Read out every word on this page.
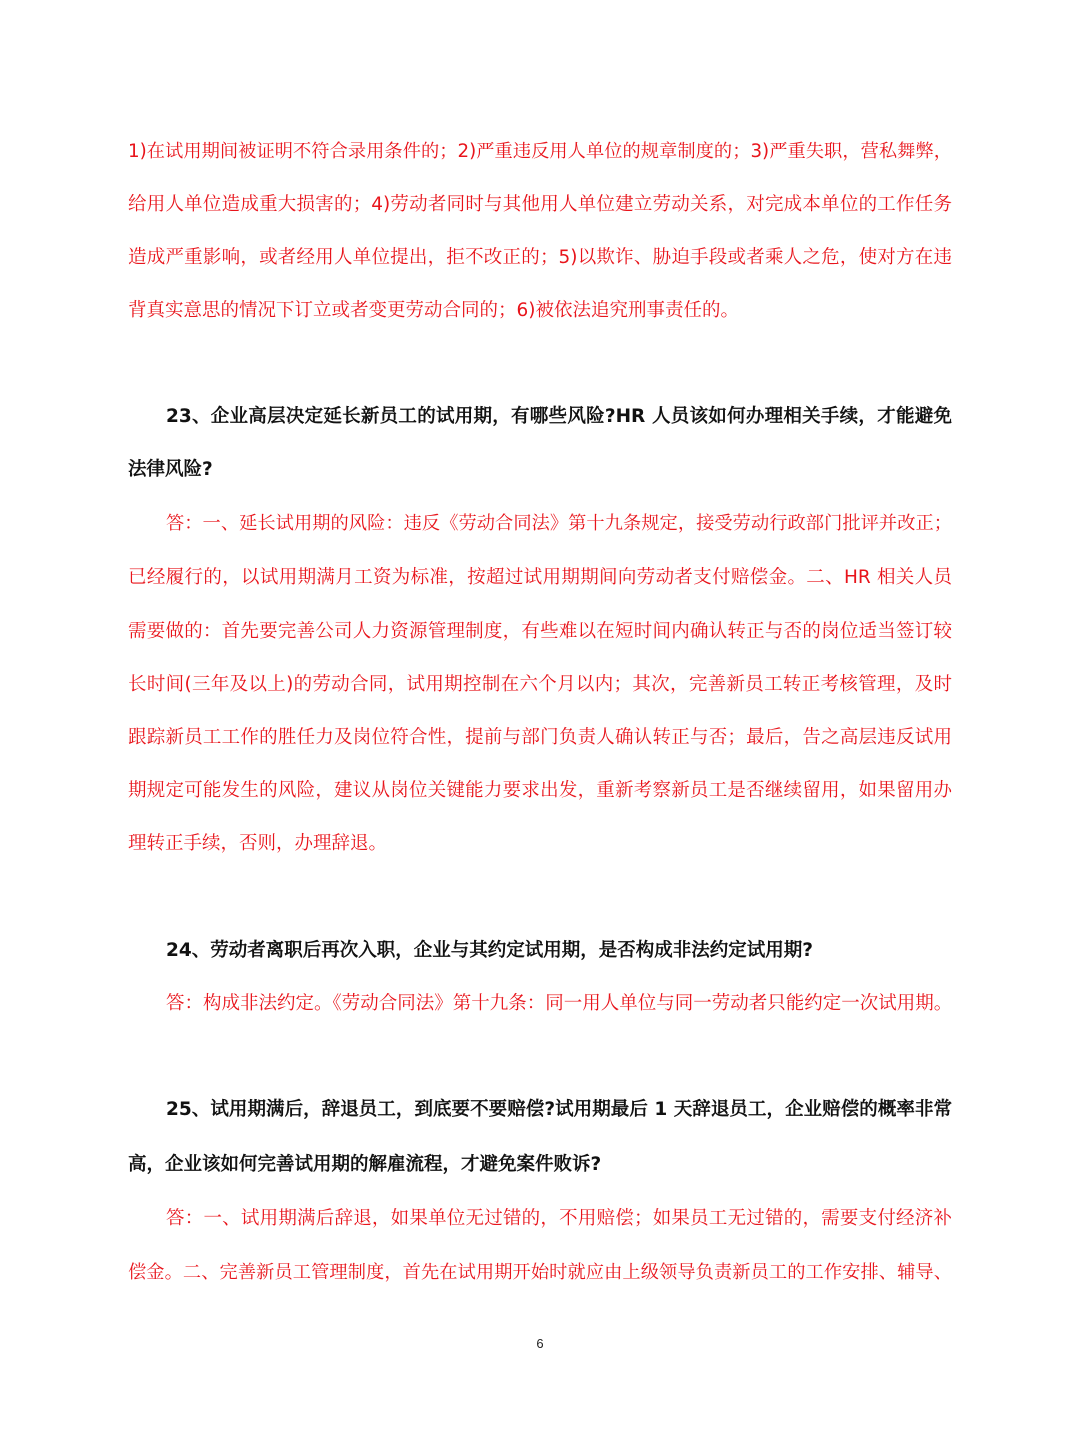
1)在试用期间被证明不符合录用条件的；2)严重违反用人单位的规章制度的；3)严重失职，营私舞弊，
给用人单位造成重大损害的；4)劳动者同时与其他用人单位建立劳动关系，对完成本单位的工作任务
造成严重影响，或者经用人单位提出，拒不改正的；5)以欺诈、胁迫手段或者乘人之危，使对方在违
背真实意思的情况下订立或者变更劳动合同的；6)被依法追究刑事责任的。
23、企业高层决定延长新员工的试用期，有哪些风险?HR 人员该如何办理相关手续，才能避免
法律风险?
答：一、延长试用期的风险：违反《劳动合同法》第十九条规定，接受劳动行政部门批评并改正；
已经履行的，以试用期满月工资为标准，按超过试用期期间向劳动者支付赔偿金。二、HR 相关人员
需要做的：首先要完善公司人力资源管理制度，有些难以在短时间内确认转正与否的岗位适当签订较
长时间(三年及以上)的劳动合同，试用期控制在六个月以内；其次，完善新员工转正考核管理，及时
跟踪新员工工作的胜任力及岗位符合性，提前与部门负责人确认转正与否；最后，告之高层违反试用
期规定可能发生的风险，建议从岗位关键能力要求出发，重新考察新员工是否继续留用，如果留用办
理转正手续，否则，办理辞退。
24、劳动者离职后再次入职，企业与其约定试用期，是否构成非法约定试用期?
答：构成非法约定。《劳动合同法》第十九条：同一用人单位与同一劳动者只能约定一次试用期。
25、试用期满后，辞退员工，到底要不要赔偿?试用期最后 1 天辞退员工，企业赔偿的概率非常
高，企业该如何完善试用期的解雇流程，才避免案件败诉?
答：一、试用期满后辞退，如果单位无过错的，不用赔偿；如果员工无过错的，需要支付经济补
偿金。二、完善新员工管理制度，首先在试用期开始时就应由上级领导负责新员工的工作安排、辅导、
6
